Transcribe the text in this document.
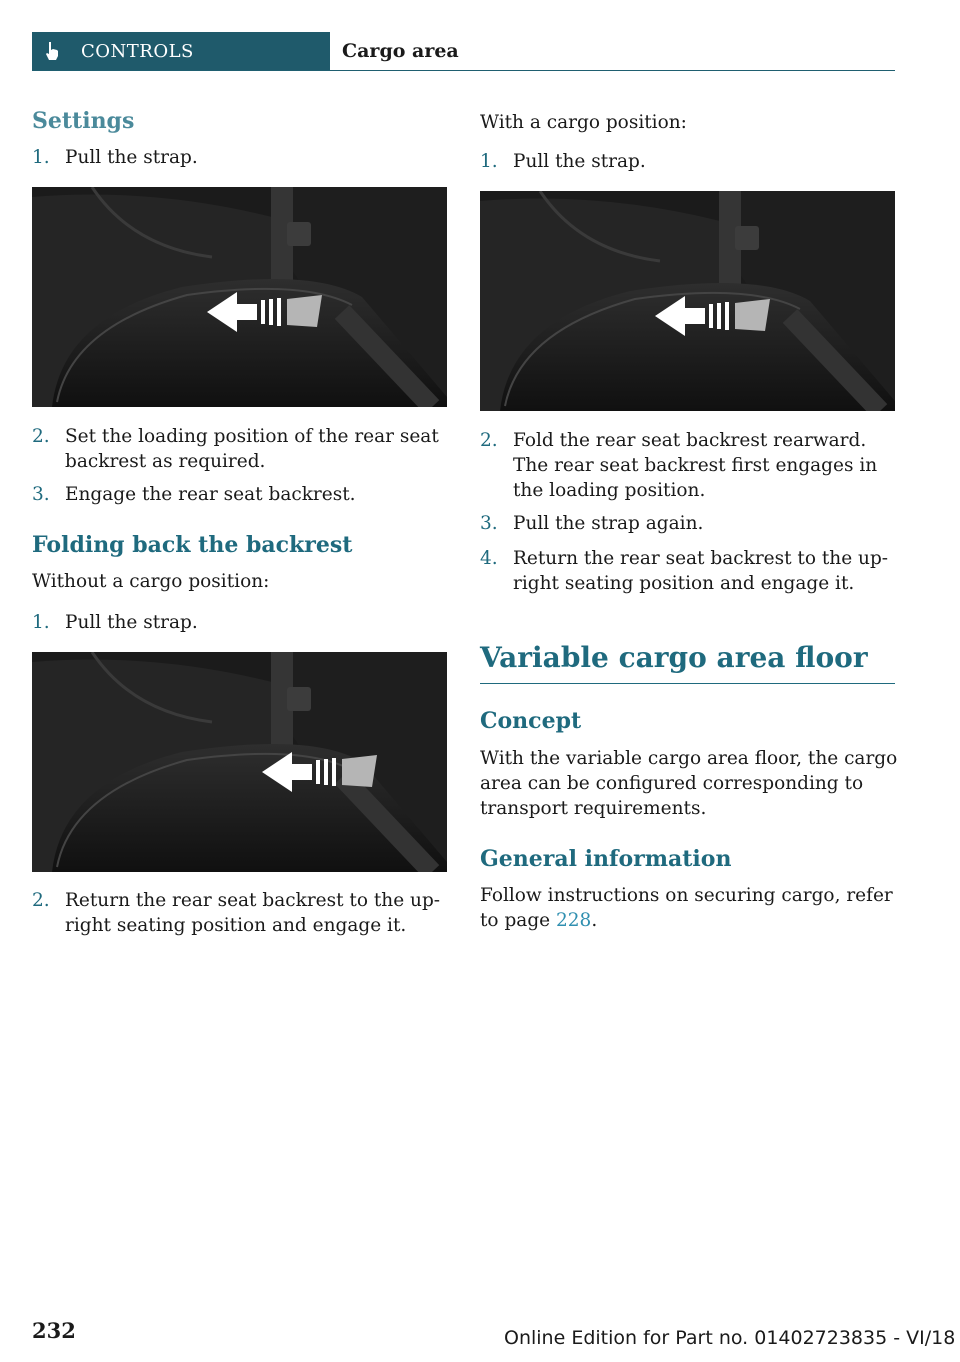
CONTROLS	Cargo area
Settings
1. Pull the strap.
2. Set the loading position of the rear seat backrest as required.
3. Engage the rear seat backrest.
Folding back the backrest
Without a cargo position:
1. Pull the strap.
2. Return the rear seat backrest to the up‐right seating position and engage it.
With a cargo position:
1. Pull the strap.
2. Fold the rear seat backrest rearward. The rear seat backrest first engages in the loading position.
3. Pull the strap again.
4. Return the rear seat backrest to the up‐right seating position and engage it.
Variable cargo area floor
Concept
With the variable cargo area floor, the cargo area can be configured corresponding to transport requirements.
General information
Follow instructions on securing cargo, refer to page 228.
232	Online Edition for Part no. 01402723835 - VI/18
